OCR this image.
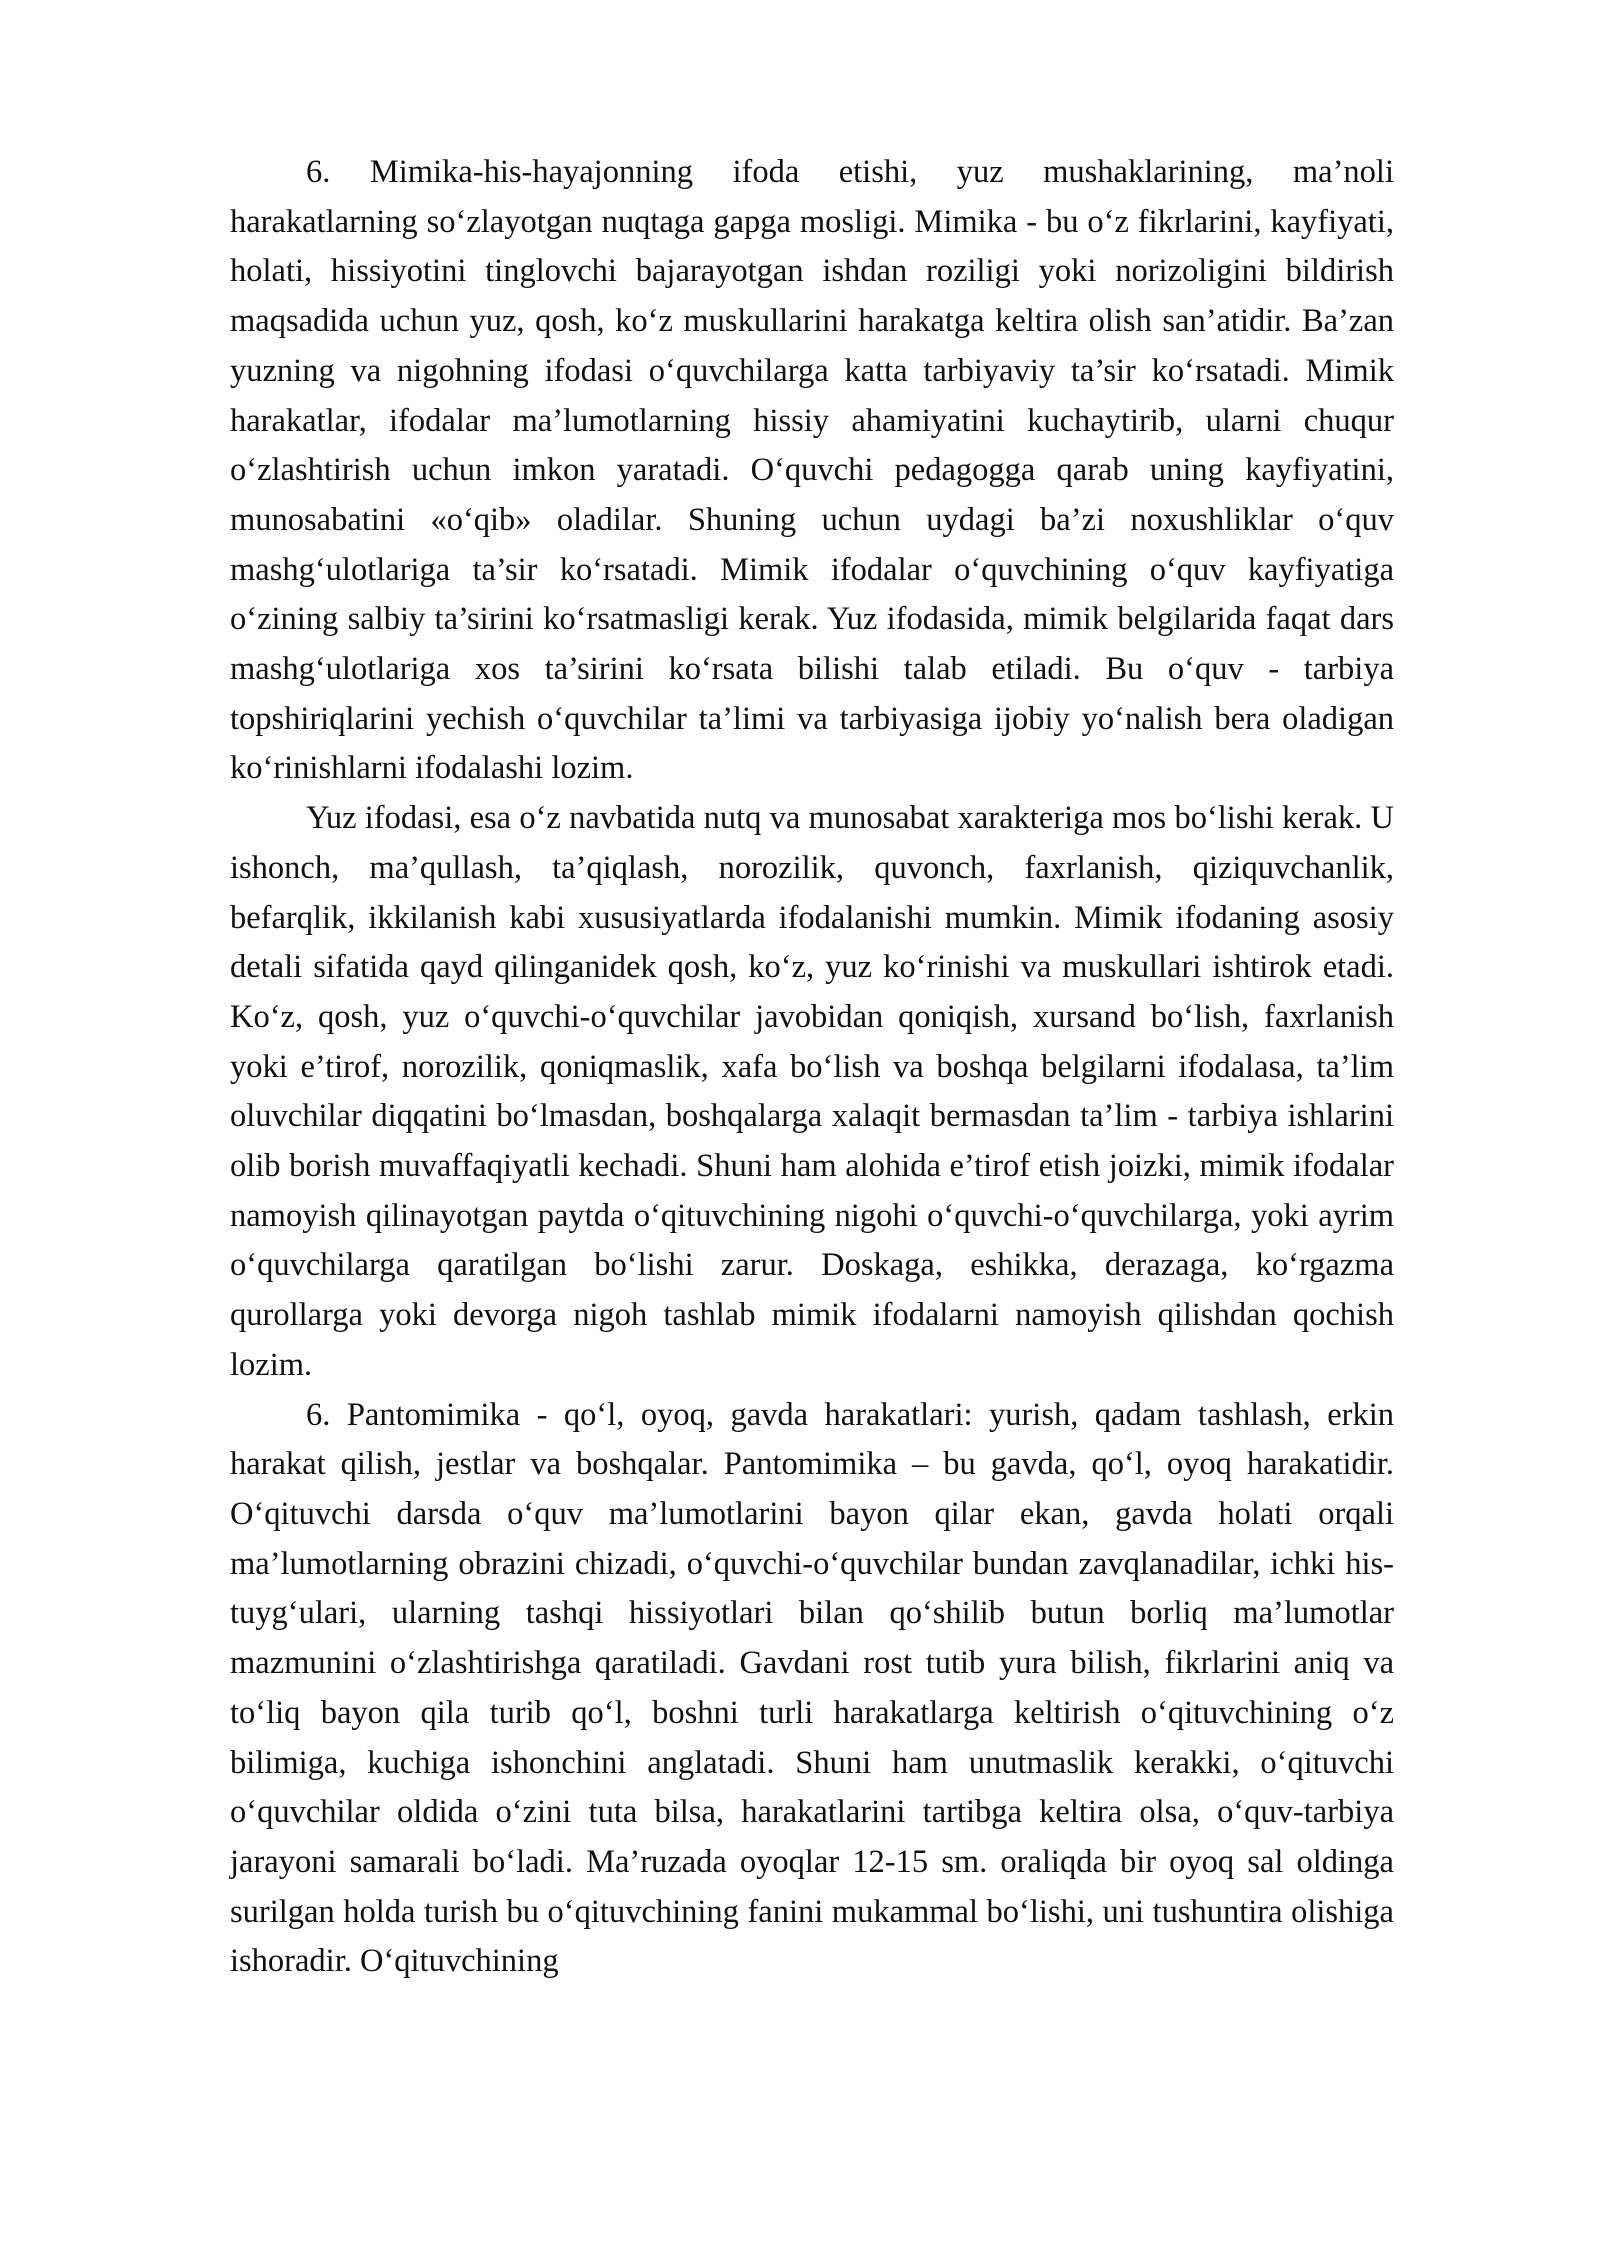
6. Mimika-his-hayajonning ifoda etishi, yuz mushaklarining, ma’noli harakatlarning so‘zlayotgan nuqtaga gapga mosligi. Mimika - bu o‘z fikrlarini, kayfiyati, holati, hissiyotini tinglovchi bajarayotgan ishdan roziligi yoki norizoligini bildirish maqsadida uchun yuz, qosh, ko‘z muskullarini harakatga keltira olish san’atidir. Ba’zan yuzning va nigohning ifodasi o‘quvchilarga katta tarbiyaviy ta’sir ko‘rsatadi. Mimik harakatlar, ifodalar ma’lumotlarning hissiy ahamiyatini kuchaytirib, ularni chuqur o‘zlashtirish uchun imkon yaratadi. O‘quvchi pedagogga qarab uning kayfiyatini, munosabatini «o‘qib» oladilar. Shuning uchun uydagi ba’zi noxushliklar o‘quv mashg‘ulotlariga ta’sir ko‘rsatadi. Mimik ifodalar o‘quvchining o‘quv kayfiyatiga o‘zining salbiy ta’sirini ko‘rsatmasligi kerak. Yuz ifodasida, mimik belgilarida faqat dars mashg‘ulotlariga xos ta’sirini ko‘rsata bilishi talab etiladi. Bu o‘quv - tarbiya topshiriqlarini yechish o‘quvchilar ta’limi va tarbiyasiga ijobiy yo‘nalish bera oladigan ko‘rinishlarni ifodalashi lozim.

Yuz ifodasi, esa o‘z navbatida nutq va munosabat xarakteriga mos bo‘lishi kerak. U ishonch, ma’qullash, ta’qiqlash, norozilik, quvonch, faxrlanish, qiziquvchanlik, befarqlik, ikkilanish kabi xususiyatlarda ifodalanishi mumkin. Mimik ifodaning asosiy detali sifatida qayd qilinganidek qosh, ko‘z, yuz ko‘rinishi va muskullari ishtirok etadi. Ko‘z, qosh, yuz o‘quvchi-o‘quvchilar javobidan qoniqish, xursand bo‘lish, faxrlanish yoki e’tirof, norozilik, qoniqmaslik, xafa bo‘lish va boshqa belgilarni ifodalasa, ta’lim oluvchilar diqqatini bo‘lmasdan, boshqalarga xalaqit bermasdan ta’lim - tarbiya ishlarini olib borish muvaffaqiyatli kechadi. Shuni ham alohida e’tirof etish joizki, mimik ifodalar namoyish qilinayotgan paytda o‘qituvchining nigohi o‘quvchi-o‘quvchilarga, yoki ayrim o‘quvchilarga qaratilgan bo‘lishi zarur. Doskaga, eshikka, derazaga, ko‘rgazma qurollarga yoki devorga nigoh tashlab mimik ifodalarni namoyish qilishdan qochish lozim.

6. Pantomimika - qo‘l, oyoq, gavda harakatlari: yurish, qadam tashlash, erkin harakat qilish, jestlar va boshqalar. Pantomimika – bu gavda, qo‘l, oyoq harakatidir. O‘qituvchi darsda o‘quv ma’lumotlarini bayon qilar ekan, gavda holati orqali ma’lumotlarning obrazini chizadi, o‘quvchi-o‘quvchilar bundan zavqlanadilar, ichki his-tuyg‘ulari, ularning tashqi hissiyotlari bilan qo‘shilib butun borliq ma’lumotlar mazmunini o‘zlashtirishga qaratiladi. Gavdani rost tutib yura bilish, fikrlarini aniq va to‘liq bayon qila turib qo‘l, boshni turli harakatlarga keltirish o‘qituvchining o‘z bilimiga, kuchiga ishonchini anglatadi. Shuni ham unutmaslik kerakki, o‘qituvchi o‘quvchilar oldida o‘zini tuta bilsa, harakatlarini tartibga keltira olsa, o‘quv-tarbiya jarayoni samarali bo‘ladi. Ma’ruzada oyoqlar 12-15 sm. oraliqda bir oyoq sal oldinga surilgan holda turish bu o‘qituvchining fanini mukammal bo‘lishi, uni tushuntira olishiga ishoradir. O‘qituvchining
